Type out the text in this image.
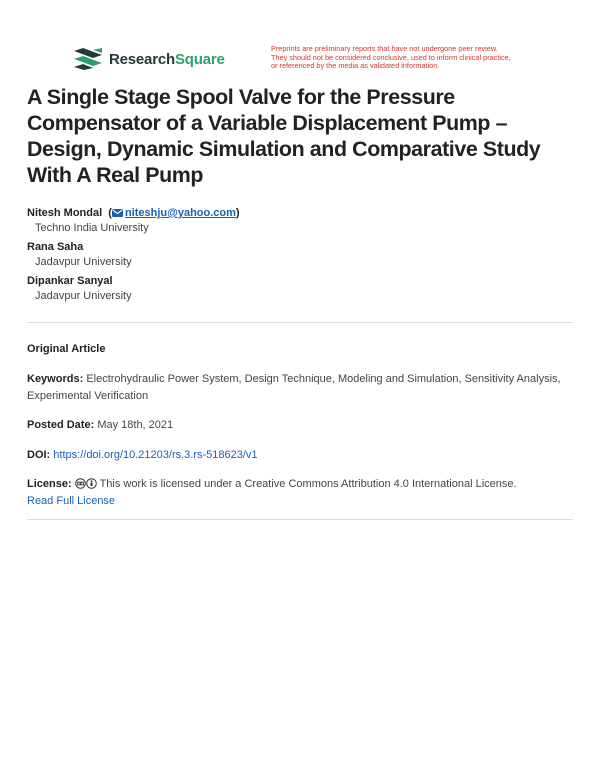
ResearchSquare
Preprints are preliminary reports that have not undergone peer review.
They should not be considered conclusive, used to inform clinical practice,
or referenced by the media as validated information.
A Single Stage Spool Valve for the Pressure Compensator of a Variable Displacement Pump – Design, Dynamic Simulation and Comparative Study With A Real Pump
Nitesh Mondal  ( niteshju@yahoo.com)
Techno India University
Rana Saha
Jadavpur University
Dipankar Sanyal
Jadavpur University
Original Article
Keywords: Electrohydraulic Power System, Design Technique, Modeling and Simulation, Sensitivity Analysis, Experimental Verification
Posted Date: May 18th, 2021
DOI: https://doi.org/10.21203/rs.3.rs-518623/v1
License:	This work is licensed under a Creative Commons Attribution 4.0 International License.
Read Full License
